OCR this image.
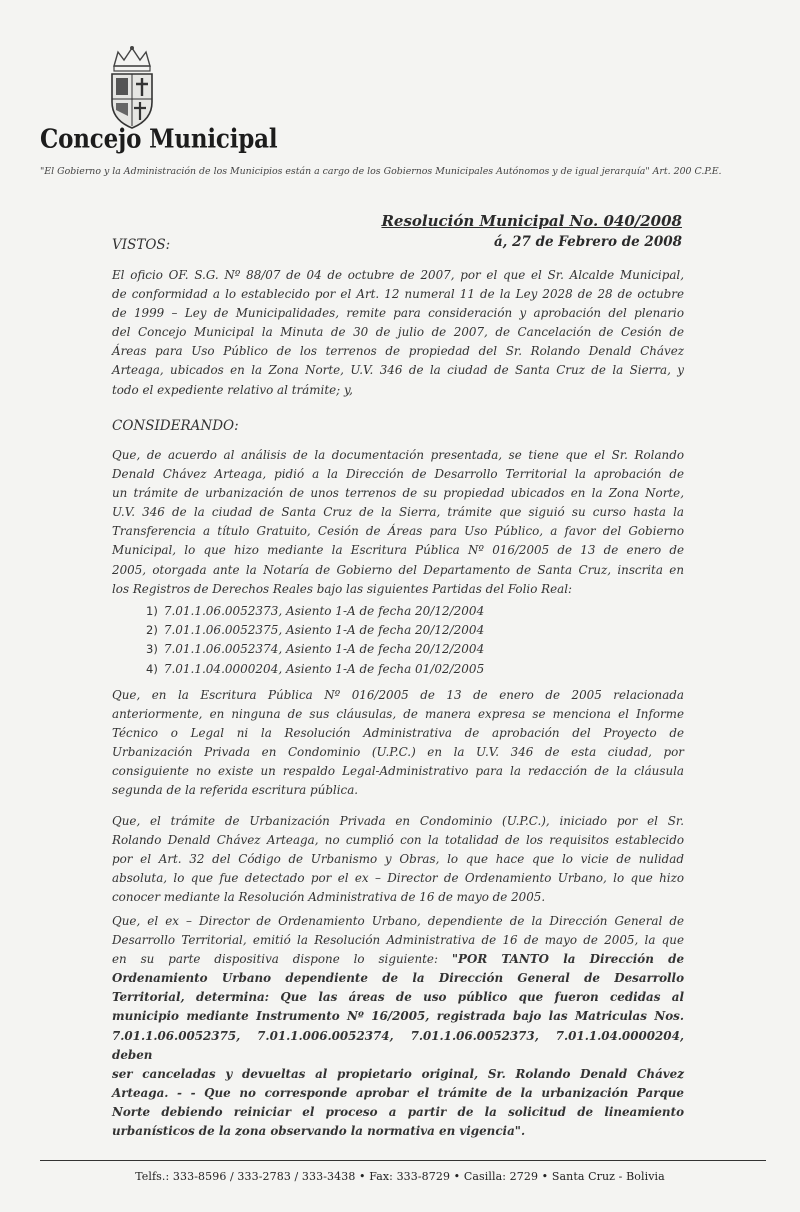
Concejo Municipal
"El Gobierno y la Administración de los Municipios están a cargo de los Gobiernos Municipales Autónomos y de igual jerarquía" Art. 200 C.P.E.
Resolución Municipal No. 040/2008
á, 27 de Febrero de 2008
VISTOS:
El oficio OF. S.G. Nº 88/07 de 04 de octubre de 2007, por el que el Sr. Alcalde Municipal,
de conformidad a lo establecido por el Art. 12 numeral 11 de la Ley 2028 de 28 de octubre
de 1999 – Ley de Municipalidades, remite para consideración y aprobación del plenario
del Concejo Municipal la Minuta de 30 de julio de 2007, de Cancelación de Cesión de
Áreas para Uso Público de los terrenos de propiedad del Sr. Rolando Denald Chávez
Arteaga, ubicados en la Zona Norte, U.V. 346 de la ciudad de Santa Cruz de la Sierra, y
todo el expediente relativo al trámite; y,
CONSIDERANDO:
Que, de acuerdo al análisis de la documentación presentada, se tiene que el Sr. Rolando
Denald Chávez Arteaga, pidió a la Dirección de Desarrollo Territorial la aprobación de
un trámite de urbanización de unos terrenos de su propiedad ubicados en la Zona Norte,
U.V. 346 de la ciudad de Santa Cruz de la Sierra, trámite que siguió su curso hasta la
Transferencia a título Gratuito, Cesión de Áreas para Uso Público, a favor del Gobierno
Municipal, lo que hizo mediante la Escritura Pública Nº 016/2005 de 13 de enero de
2005, otorgada ante la Notaría de Gobierno del Departamento de Santa Cruz, inscrita en
los Registros de Derechos Reales bajo las siguientes Partidas del Folio Real:
1) 7.01.1.06.0052373, Asiento 1-A de fecha 20/12/2004
2) 7.01.1.06.0052375, Asiento 1-A de fecha 20/12/2004
3) 7.01.1.06.0052374, Asiento 1-A de fecha 20/12/2004
4) 7.01.1.04.0000204, Asiento 1-A de fecha 01/02/2005
Que, en la Escritura Pública Nº 016/2005 de 13 de enero de 2005 relacionada
anteriormente, en ninguna de sus cláusulas, de manera expresa se menciona el Informe
Técnico o Legal ni la Resolución Administrativa de aprobación del Proyecto de
Urbanización Privada en Condominio (U.P.C.) en la U.V. 346 de esta ciudad, por
consiguiente no existe un respaldo Legal-Administrativo para la redacción de la cláusula
segunda de la referida escritura pública.
Que, el trámite de Urbanización Privada en Condominio (U.P.C.), iniciado por el Sr.
Rolando Denald Chávez Arteaga, no cumplió con la totalidad de los requisitos establecido
por el Art. 32 del Código de Urbanismo y Obras, lo que hace que lo vicie de nulidad
absoluta, lo que fue detectado por el ex – Director de Ordenamiento Urbano, lo que hizo
conocer mediante la Resolución Administrativa de 16 de mayo de 2005.
Que, el ex – Director de Ordenamiento Urbano, dependiente de la Dirección General de
Desarrollo Territorial, emitió la Resolución Administrativa de 16 de mayo de 2005, la que
en su parte dispositiva dispone lo siguiente: "POR TANTO la Dirección de
Ordenamiento Urbano dependiente de la Dirección General de Desarrollo
Territorial, determina: Que las áreas de uso público que fueron cedidas al
municipio mediante Instrumento Nº 16/2005, registrada bajo las Matriculas Nos.
7.01.1.06.0052375, 7.01.1.006.0052374, 7.01.1.06.0052373, 7.01.1.04.0000204, deben
ser canceladas y devueltas al propietario original, Sr. Rolando Denald Chávez
Arteaga. - - Que no corresponde aprobar el trámite de la urbanización Parque
Norte debiendo reiniciar el proceso a partir de la solicitud de lineamiento
urbanísticos de la zona observando la normativa en vigencia".
Telfs.: 333-8596 / 333-2783 / 333-3438 • Fax: 333-8729 • Casilla: 2729 • Santa Cruz - Bolivia
